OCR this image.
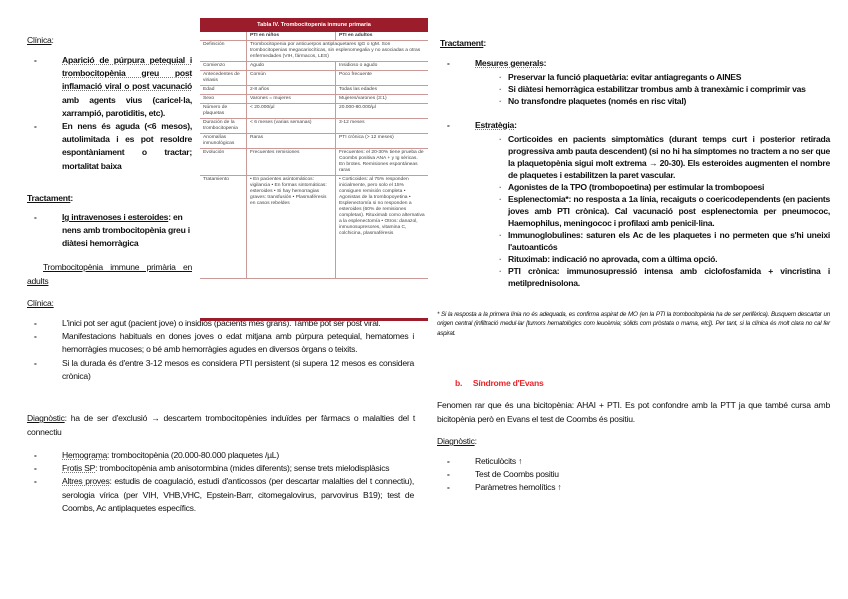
Clínica:
- Aparició de púrpura petequial i trombocitopènia greu post inflamació viral o post vacunació amb agents vius (caricel·la, xarrampió, parotiditis, etc).
- En nens és aguda (<6 mesos), autolimitada i es pot resoldre espontàniament o tractar; mortalitat baixa
Tractament:
- Ig intravenoses i esteroides: en nens amb trombocitopènia greu i diàtesi hemorràgica
Trombocitopènia immune primària en adults
Clínica:
- L'inici pot ser agut (pacient jove) o insidiós (pacients més grans). També pot ser post viral.
- Manifestacions habituals en dones joves o edat mitjana amb púrpura petequial, hematomes i hemorràgies mucoses; o bé amb hemorràgies agudes en diversos òrgans o teixits.
- Si la durada és d'entre 3-12 mesos es considera PTI persistent (si supera 12 mesos es considera crònica)
Diagnòstic: ha de ser d'exclusió → descartem trombocitopènies induïdes per fàrmacs o malalties del t connectiu
- Hemograma: trombocitopènia (20.000-80.000 plaquetes /µL)
- Frotis SP: trombocitopènia amb anisotormbina (mides diferents); sense trets mielodisplàsics
- Altres proves: estudis de coagulació, estudi d'anticossos (per descartar malalties del t connectiu), serologia vírica (per VIH, VHB,VHC, Epstein-Barr, citomegalovirus, parvovirus B19); test de Coombs, Ac antiplaquetes específics.
Tabla IV. Trombocitopenia inmune primaria		
	PTI en niños	PTI en adultos
Definición	Trombocitopenia por anticuerpos antiplaquetares IgG o IgM. Son trombocitopenias megacariocíticas, sin esplenomegalia y no asociadas a otras enfermedades (VIH, fármacos, LES)	
Comienzo	Agudo	Insidioso o agudo
Antecedentes de viriasis	Común	Poco frecuente
Edad	2-8 años	Todas las edades
Sexo	Varones = mujeres	Mujeres/varones (3:1)
Número de plaquetas	< 20.000/µl	20.000-80.000/µl
Duración de la trombocitopenia	< 6 meses (varias semanas)	3-12 meses
Anomalías inmunológicas	Raras	PTI crónica (> 12 meses)
Evolución	Frecuentes remisiones	Frecuentes: el 20-30% tiene prueba de Coombs positiva ANA + y Ig séricas. En brotes. Remisiones espontáneas raras
Tratamiento	• En pacientes asintomáticos: vigilancia • En formas sintomáticas: esteroides • Si hay hemorragias graves: transfusión • Plasmaféresis en casos rebeldes	• Corticoides: al 75% responden inicialmente, pero solo el 15% consiguen remisión completa • Agonistas de la trombopoyetina • Esplenectomía si no responden a esteroides (60% de remisiones completas). Rituximab como alternativa a la esplenectomía • Otros: danazol, inmunosupresores, vitamina C, colchicina, plasmaféresis
Tractament:
- Mesures generals:
· Preservar la funció plaquetària: evitar antiagregants o AINES
· Si diàtesi hemorràgica estabilitzar trombus amb à tranexàmic i comprimir vas
· No transfondre plaquetes (només en risc vital)
- Estratègia:
· Corticoides en pacients simptomàtics (durant temps curt i posterior retirada progressiva amb pauta descendent) (si no hi ha símptomes no tractem a no ser que la plaquetopènia sigui molt extrema → 20-30). Els esteroides augmenten el nombre de plaquetes i estabilitzen la paret vascular.
· Agonistes de la TPO (trombopoetina) per estimular la trombopoesi
· Esplenectomia*: no resposta a 1a línia, recaiguts o coericodependents (en pacients joves amb PTI crònica). Cal vacunació post esplenectomia per pneumococ, Haemophilus, meningococ i profilaxi amb penicil·lina.
· Immunoglobulines: saturen els Ac de les plaquetes i no permeten que s'hi uneixi l'autoanticós
· Rituximab: indicació no aprovada, com a última opció.
· PTI crònica: immunosupressió intensa amb ciclofosfamida + vincristina i metilprednisolona.
* Si la resposta a la primera línia no és adequada, es confirma aspirat de MO (en la PTI la trombocitopènia ha de ser perifèrica). Busquem descartar un origen central (infiltració medul·lar [tumors hematològics com leucèmia; sòlids com pròstata o mama, etc]). Per tant, si la clínica és molt clara no cal fer aspirat.
b. Síndrome d'Evans
Fenomen rar que és una bicitopènia: AHAI + PTI. Es pot confondre amb la PTT ja que també cursa amb bicitopènia però en Evans el test de Coombs és positiu.
Diagnòstic:
- Reticulòcits ↑
- Test de Coombs positiu
- Paràmetres hemolítics ↑
